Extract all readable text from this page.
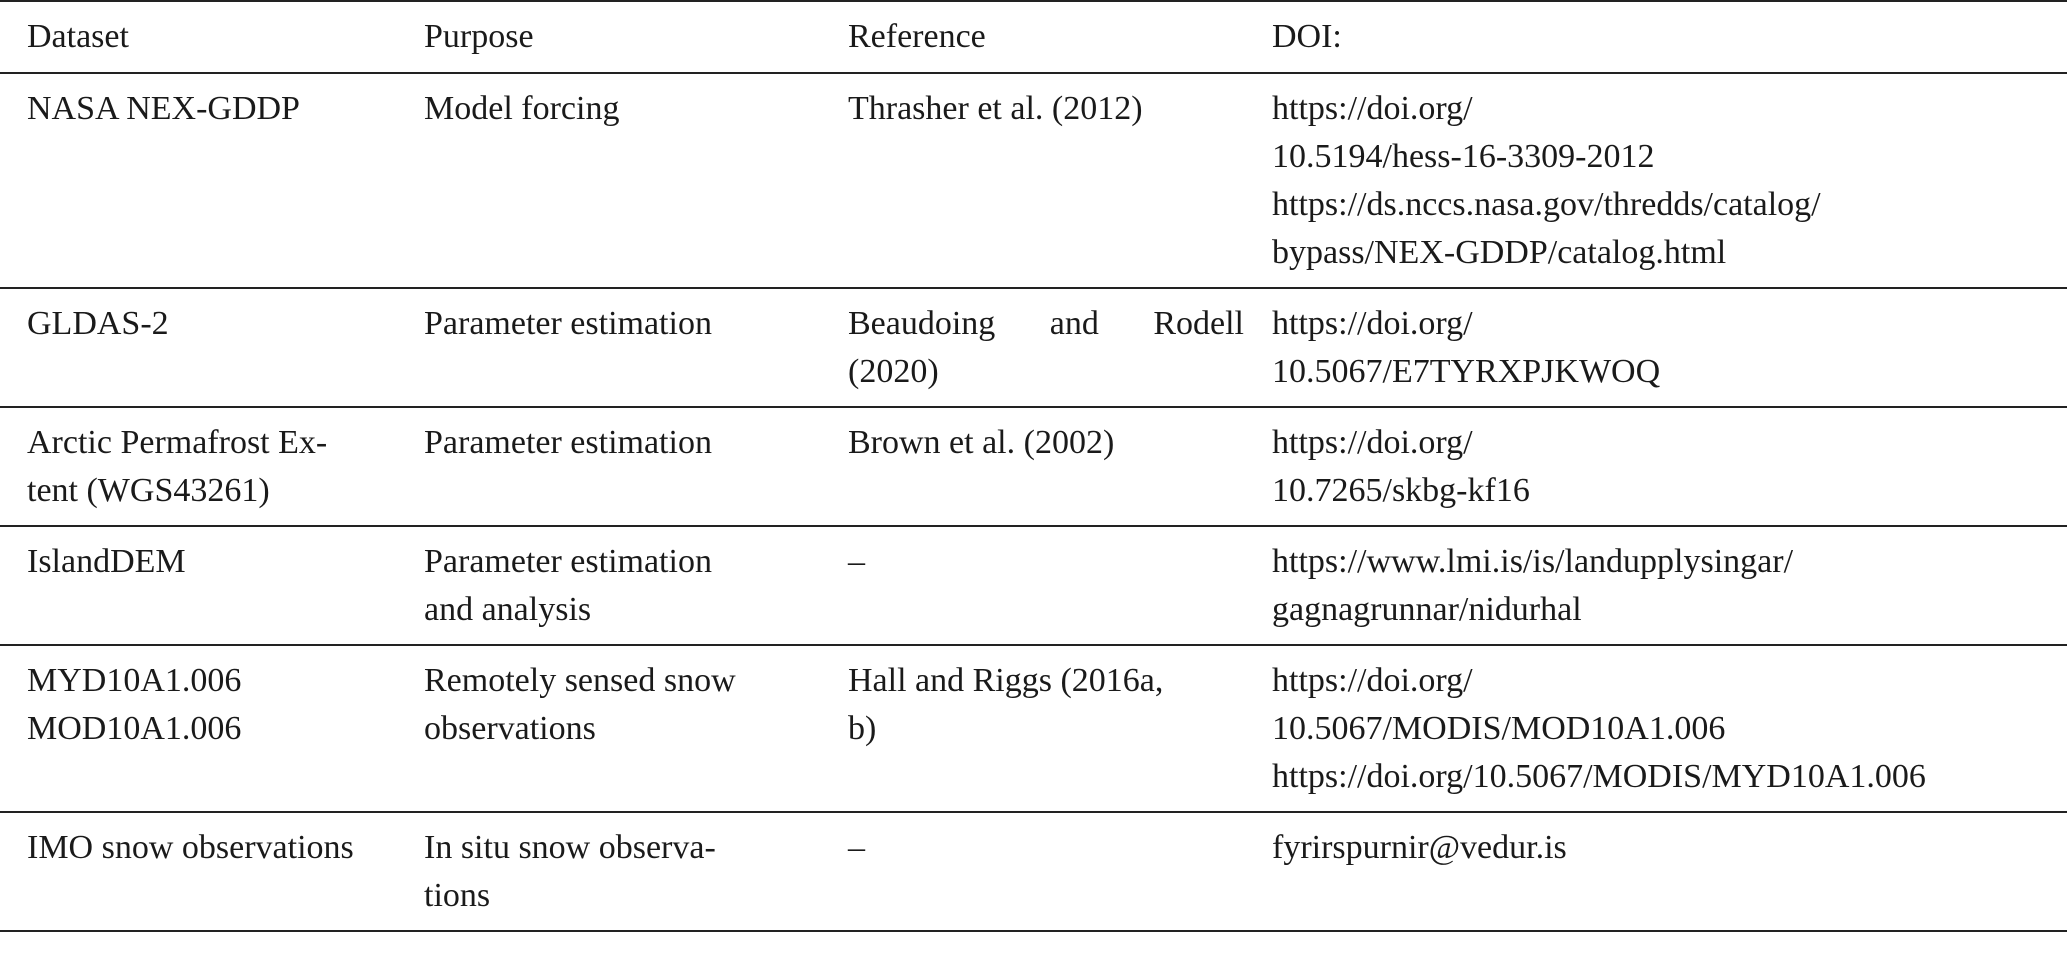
Dataset	Purpose	Reference	DOI:

NASA NEX-GDDP	Model forcing	Thrasher et al. (2012)	https://doi.org/
10.5194/hess-16-3309-2012
https://ds.nccs.nasa.gov/thredds/catalog/
bypass/NEX-GDDP/catalog.html

GLDAS-2	Parameter estimation	Beaudoing and Rodell (2020)	https://doi.org/
10.5067/E7TYRXPJKWOQ

Arctic Permafrost Ex-
tent (WGS43261)	Parameter estimation	Brown et al. (2002)	https://doi.org/
10.7265/skbg-kf16

IslandDEM	Parameter estimation
and analysis	–	https://www.lmi.is/is/landupplysingar/
gagnagrunnar/nidurhal

MYD10A1.006
MOD10A1.006	Remotely sensed snow
observations	Hall and Riggs (2016a,
b)	https://doi.org/
10.5067/MODIS/MOD10A1.006
https://doi.org/10.5067/MODIS/MYD10A1.006

IMO snow observations	In situ snow observa-
tions	–	fyrirspurnir@vedur.is
